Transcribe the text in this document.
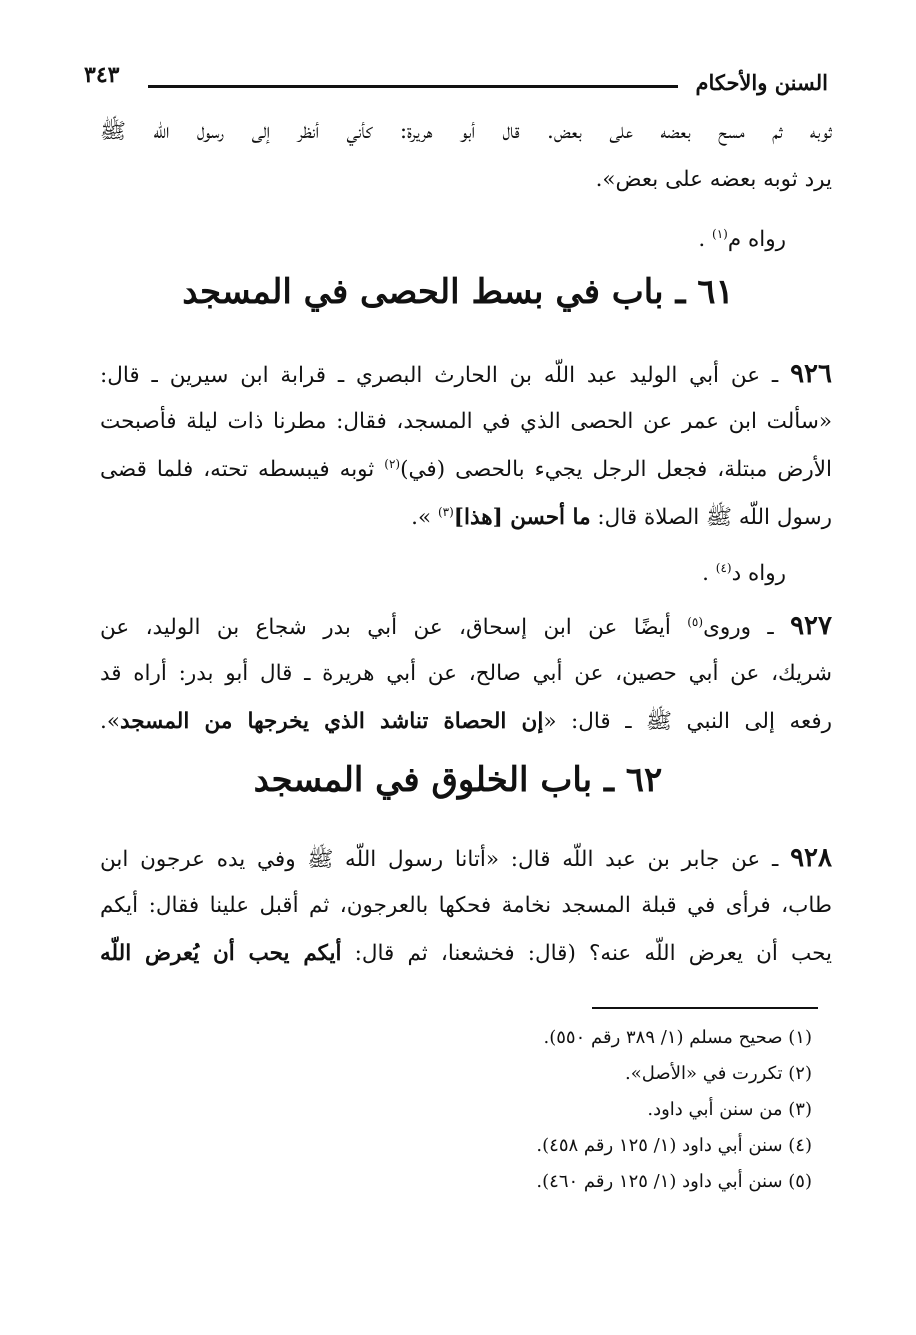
السنن والأحكام
٣٤٣
ثوبه ثم مسح بعضه على بعض. قال أبو هريرة: كأني أنظر إلى رسول اللّه ﷺ
يرد ثوبه بعضه على بعض».
رواه م$^{(١)}$ .
٦١ ـ باب في بسط الحصى في المسجد
٩٢٦ ـ عن أبي الوليد عبد اللّه بن الحارث البصري ـ قرابة ابن سيرين ـ قال:
«سألت ابن عمر عن الحصى الذي في المسجد، فقال: مطرنا ذات ليلة فأصبحت
الأرض مبتلة، فجعل الرجل يجيء بالحصى (في)$^{(٢)}$ ثوبه فيبسطه تحته، فلما قضى
رسول اللّه ﷺ الصلاة قال: ما أحسن [هذا]$^{(٣)}$ ».
رواه د$^{(٤)}$ .
٩٢٧ ـ وروى$^{(٥)}$ أيضًا عن ابن إسحاق، عن أبي بدر شجاع بن الوليد، عن
شريك، عن أبي حصين، عن أبي صالح، عن أبي هريرة ـ قال أبو بدر: أراه قد
رفعه إلى النبي ﷺ ـ قال: «إن الحصاة تناشد الذي يخرجها من المسجد».
٦٢ ـ باب الخلوق في المسجد
٩٢٨ ـ عن جابر بن عبد اللّه قال: «أتانا رسول اللّه ﷺ وفي يده عرجون ابن
طاب، فرأى في قبلة المسجد نخامة فحكها بالعرجون، ثم أقبل علينا فقال: أيكم
يحب أن يعرض اللّه عنه؟ (قال: فخشعنا، ثم قال: أيكم يحب أن يُعرض اللّه
(١) صحيح مسلم (١/ ٣٨٩ رقم ٥٥٠).
(٢) تكررت في «الأصل».
(٣) من سنن أبي داود.
(٤) سنن أبي داود (١/ ١٢٥ رقم ٤٥٨).
(٥) سنن أبي داود (١/ ١٢٥ رقم ٤٦٠).
